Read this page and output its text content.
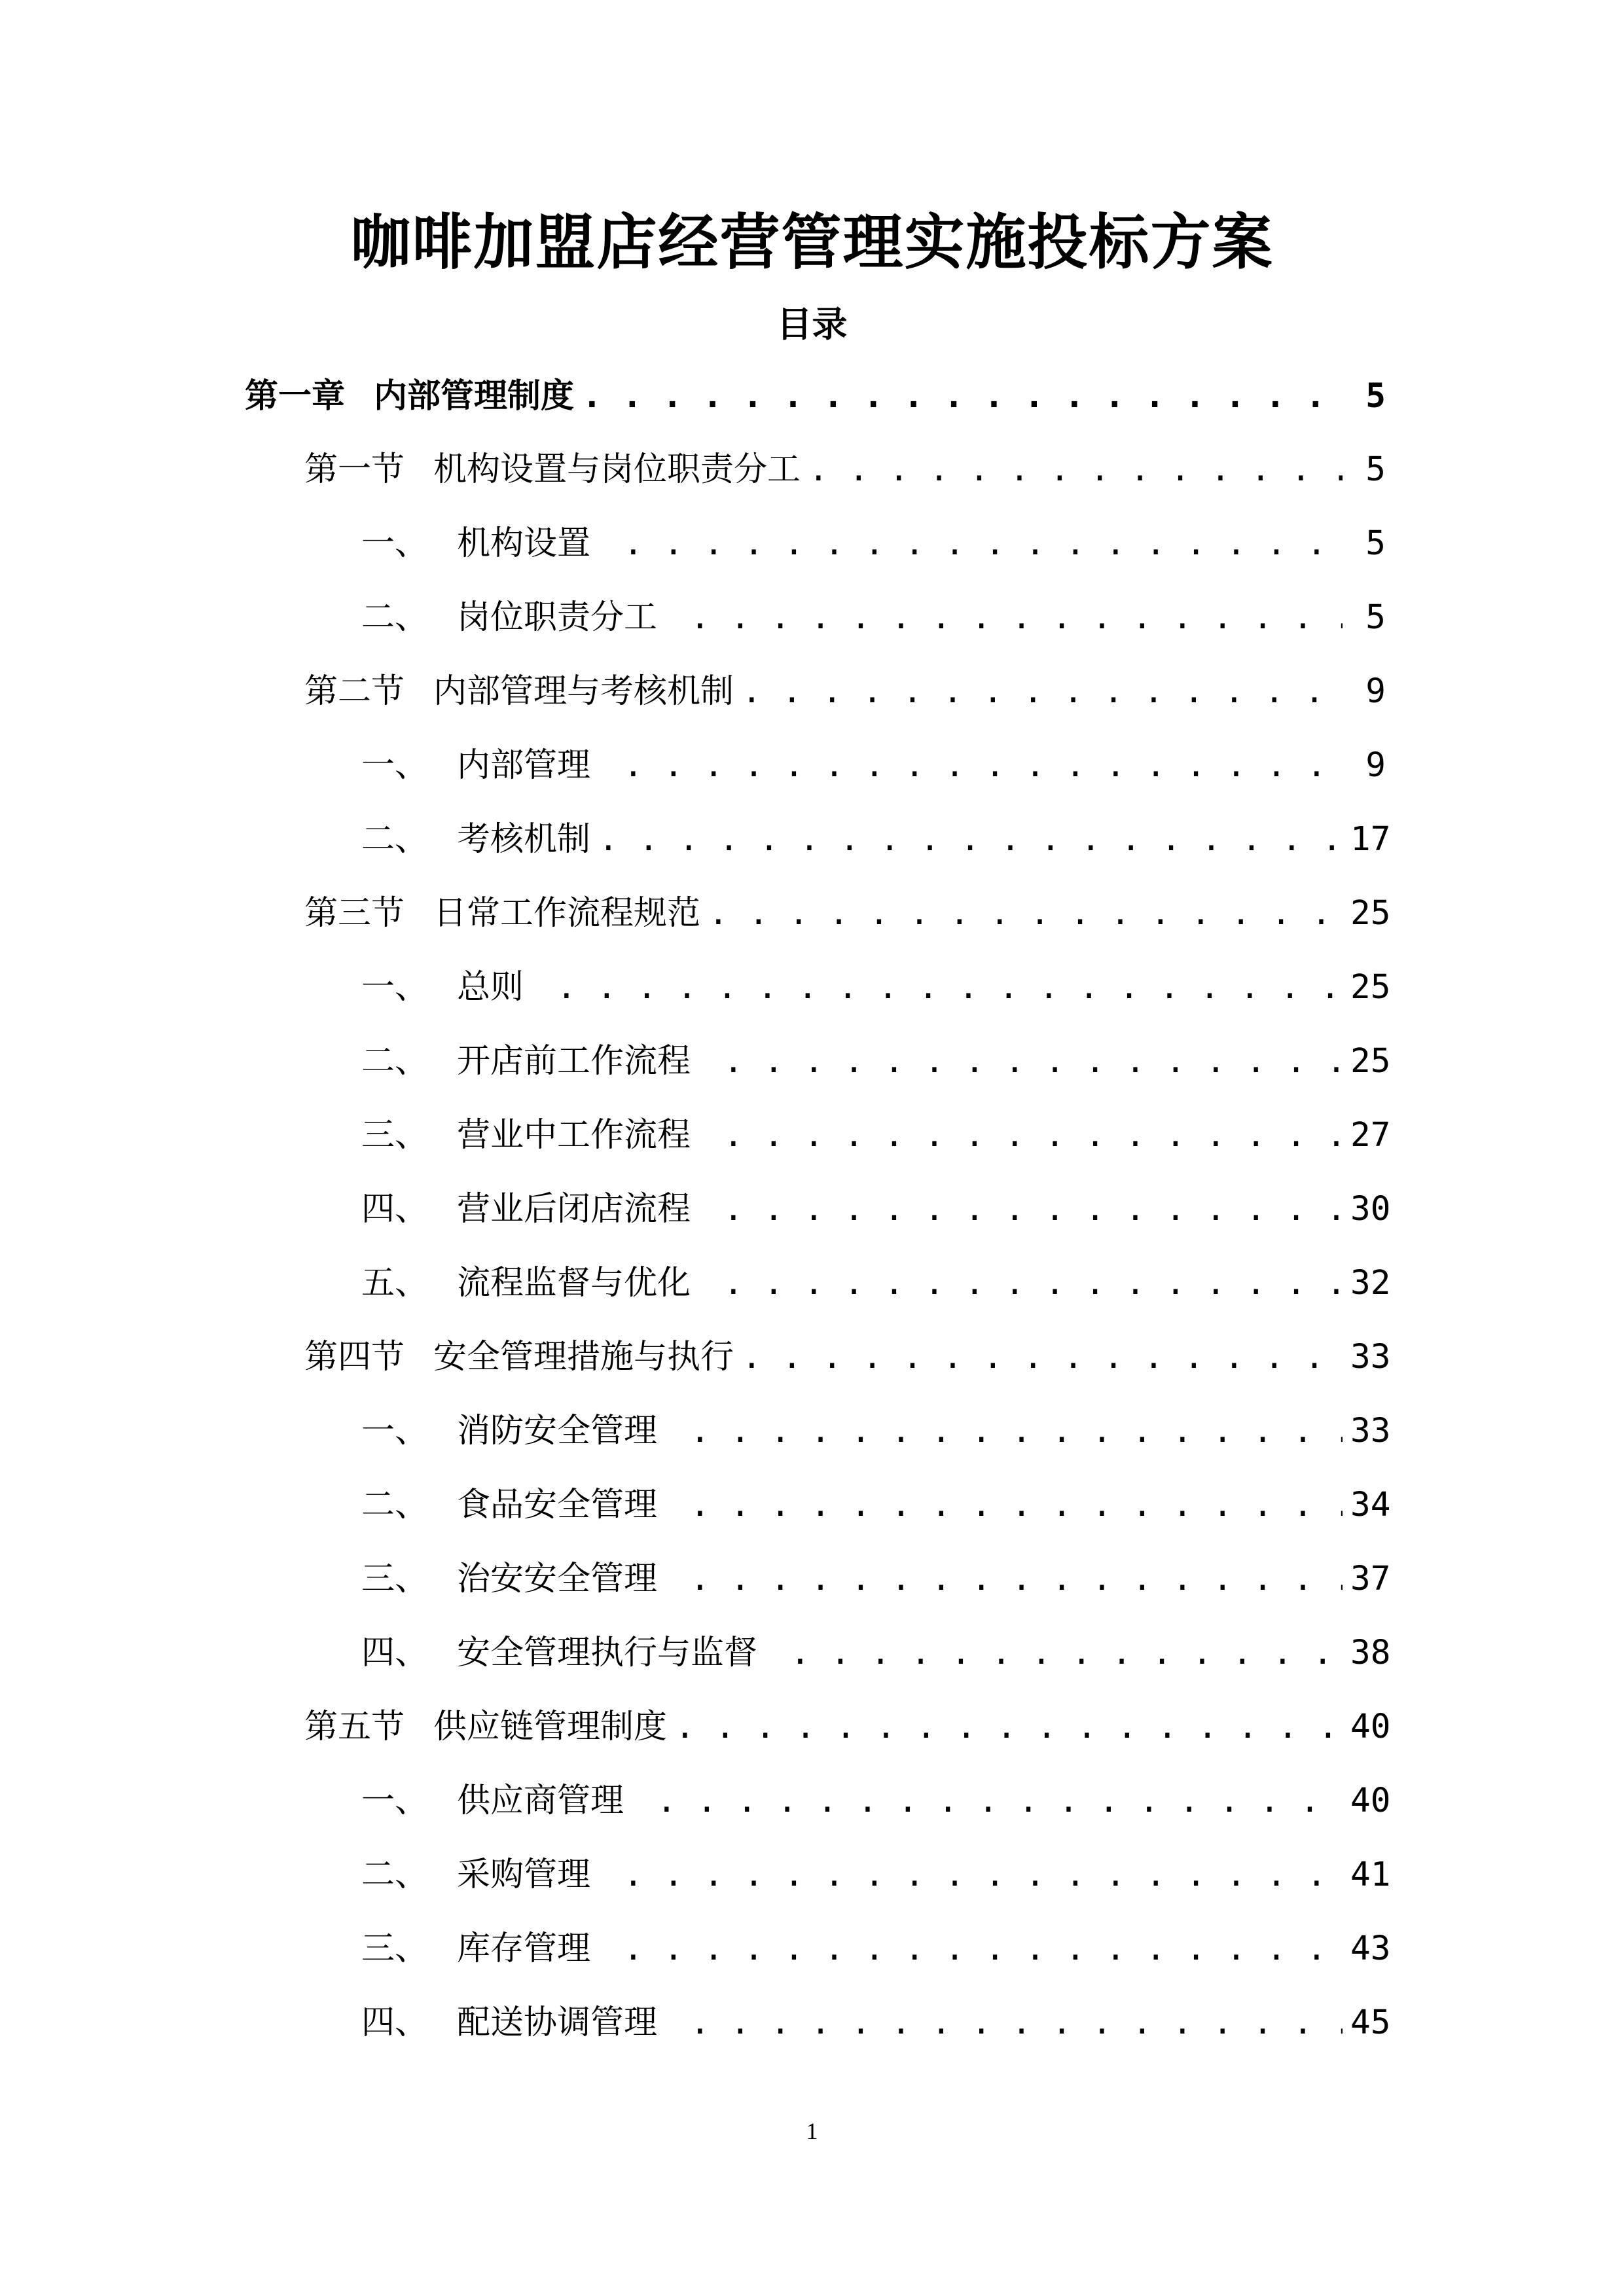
咖啡加盟店经营管理实施投标方案
目录
第一章 内部管理制度 . . .	5
第一节 机构设置与岗位职责分工 . . .	5
一、 机构设置 . . .	5
二、 岗位职责分工 . . .	5
第二节 内部管理与考核机制 . . .	9
一、 内部管理 . . .	9
二、 考核机制 . . .	17
第三节 日常工作流程规范 . . .	25
一、 总则 . . .	25
二、 开店前工作流程 . . .	25
三、 营业中工作流程 . . .	27
四、 营业后闭店流程 . . .	30
五、 流程监督与优化 . . .	32
第四节 安全管理措施与执行 . . .	33
一、 消防安全管理 . . .	33
二、 食品安全管理 . . .	34
三、 治安安全管理 . . .	37
四、 安全管理执行与监督 . . .	38
第五节 供应链管理制度 . . .	40
一、 供应商管理 . . .	40
二、 采购管理 . . .	41
三、 库存管理 . . .	43
四、 配送协调管理 . . .	45
1
